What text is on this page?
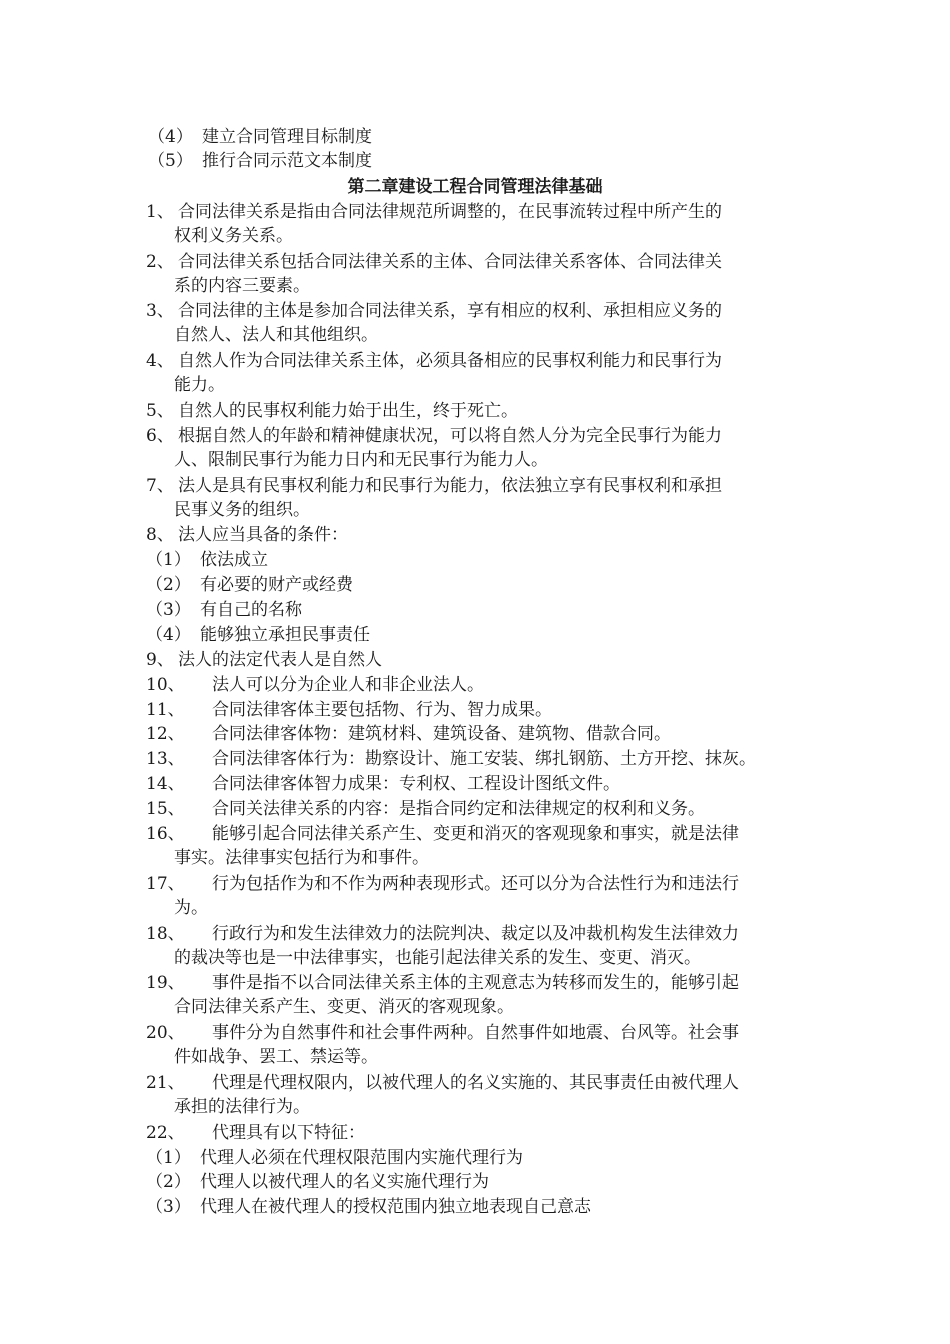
（4） 建立合同管理目标制度
（5） 推行合同示范文本制度
第二章建设工程合同管理法律基础
1、 合同法律关系是指由合同法律规范所调整的，在民事流转过程中所产生的
权利义务关系。
2、 合同法律关系包括合同法律关系的主体、合同法律关系客体、合同法律关
系的内容三要素。
3、 合同法律的主体是参加合同法律关系，享有相应的权利、承担相应义务的
自然人、法人和其他组织。
4、 自然人作为合同法律关系主体，必须具备相应的民事权利能力和民事行为
能力。
5、 自然人的民事权利能力始于出生，终于死亡。
6、 根据自然人的年龄和精神健康状况，可以将自然人分为完全民事行为能力
人、限制民事行为能力日内和无民事行为能力人。
7、 法人是具有民事权利能力和民事行为能力，依法独立享有民事权利和承担
民事义务的组织。
8、 法人应当具备的条件：
（1） 依法成立
（2） 有必要的财产或经费
（3） 有自己的名称
（4） 能够独立承担民事责任
9、 法人的法定代表人是自然人
10、 法人可以分为企业人和非企业法人。
11、 合同法律客体主要包括物、行为、智力成果。
12、 合同法律客体物：建筑材料、建筑设备、建筑物、借款合同。
13、 合同法律客体行为：勘察设计、施工安装、绑扎钢筋、土方开挖、抹灰。
14、 合同法律客体智力成果：专利权、工程设计图纸文件。
15、 合同关法律关系的内容：是指合同约定和法律规定的权利和义务。
16、 能够引起合同法律关系产生、变更和消灭的客观现象和事实，就是法律
事实。法律事实包括行为和事件。
17、 行为包括作为和不作为两种表现形式。还可以分为合法性行为和违法行
为。
18、 行政行为和发生法律效力的法院判决、裁定以及冲裁机构发生法律效力
的裁决等也是一中法律事实，也能引起法律关系的发生、变更、消灭。
19、 事件是指不以合同法律关系主体的主观意志为转移而发生的，能够引起
合同法律关系产生、变更、消灭的客观现象。
20、 事件分为自然事件和社会事件两种。自然事件如地震、台风等。社会事
件如战争、罢工、禁运等。
21、 代理是代理权限内，以被代理人的名义实施的、其民事责任由被代理人
承担的法律行为。
22、 代理具有以下特征：
（1） 代理人必须在代理权限范围内实施代理行为
（2） 代理人以被代理人的名义实施代理行为
（3） 代理人在被代理人的授权范围内独立地表现自己意志
